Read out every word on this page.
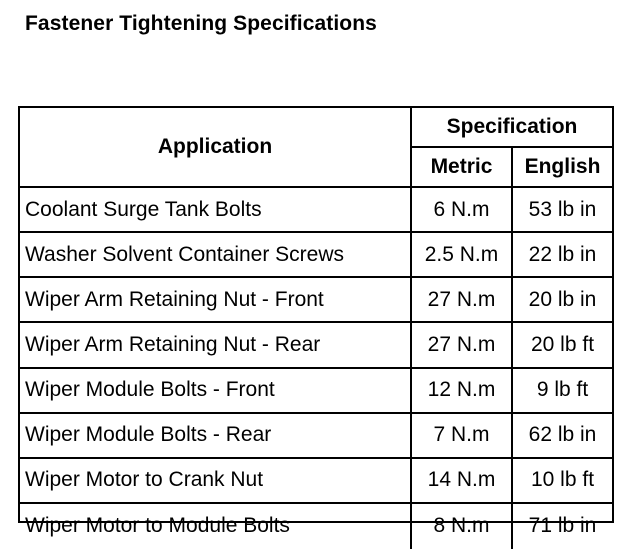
Fastener Tightening Specifications
Application	Specification	
	Metric	English
Coolant Surge Tank Bolts	6 N.m	53 lb in
Washer Solvent Container Screws	2.5 N.m	22 lb in
Wiper Arm Retaining Nut - Front	27 N.m	20 lb in
Wiper Arm Retaining Nut - Rear	27 N.m	20 lb ft
Wiper Module Bolts - Front	12 N.m	9 lb ft
Wiper Module Bolts - Rear	7 N.m	62 lb in
Wiper Motor to Crank Nut	14 N.m	10 lb ft
Wiper Motor to Module Bolts	8 N.m	71 lb in
